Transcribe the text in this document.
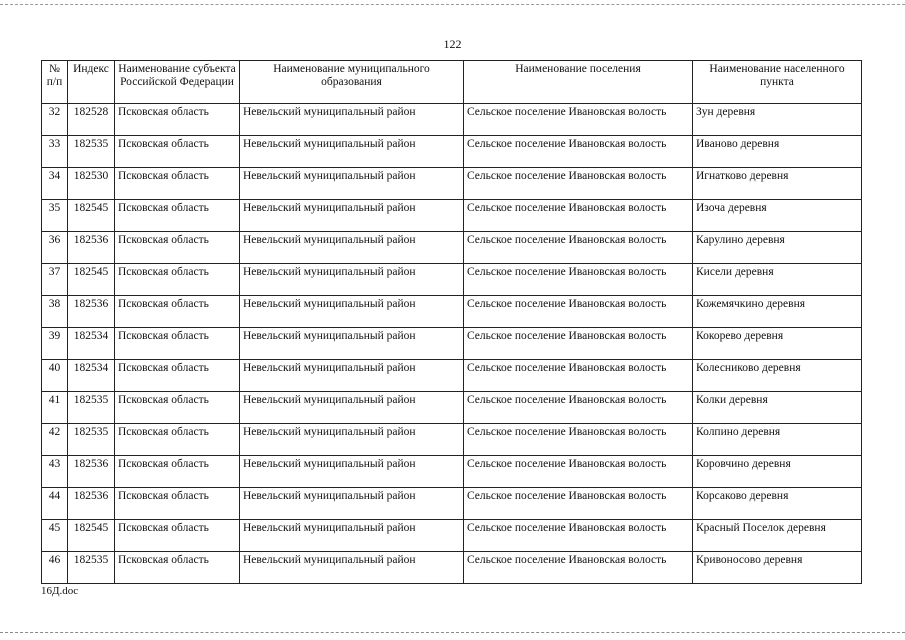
122
№ п/п	Индекс	Наименование субъекта Российской Федерации	Наименование муниципального образования	Наименование поселения	Наименование населенного пункта
32	182528	Псковская область	Невельский муниципальный район	Сельское поселение Ивановская волость	Зун деревня
33	182535	Псковская область	Невельский муниципальный район	Сельское поселение Ивановская волость	Иваново деревня
34	182530	Псковская область	Невельский муниципальный район	Сельское поселение Ивановская волость	Игнатково деревня
35	182545	Псковская область	Невельский муниципальный район	Сельское поселение Ивановская волость	Изоча деревня
36	182536	Псковская область	Невельский муниципальный район	Сельское поселение Ивановская волость	Карулино деревня
37	182545	Псковская область	Невельский муниципальный район	Сельское поселение Ивановская волость	Кисели деревня
38	182536	Псковская область	Невельский муниципальный район	Сельское поселение Ивановская волость	Кожемячкино деревня
39	182534	Псковская область	Невельский муниципальный район	Сельское поселение Ивановская волость	Кокорево деревня
40	182534	Псковская область	Невельский муниципальный район	Сельское поселение Ивановская волость	Колесниково деревня
41	182535	Псковская область	Невельский муниципальный район	Сельское поселение Ивановская волость	Колки деревня
42	182535	Псковская область	Невельский муниципальный район	Сельское поселение Ивановская волость	Колпино деревня
43	182536	Псковская область	Невельский муниципальный район	Сельское поселение Ивановская волость	Коровчино деревня
44	182536	Псковская область	Невельский муниципальный район	Сельское поселение Ивановская волость	Корсаково деревня
45	182545	Псковская область	Невельский муниципальный район	Сельское поселение Ивановская волость	Красный Поселок деревня
46	182535	Псковская область	Невельский муниципальный район	Сельское поселение Ивановская волость	Кривоносово деревня
16Д.doc
